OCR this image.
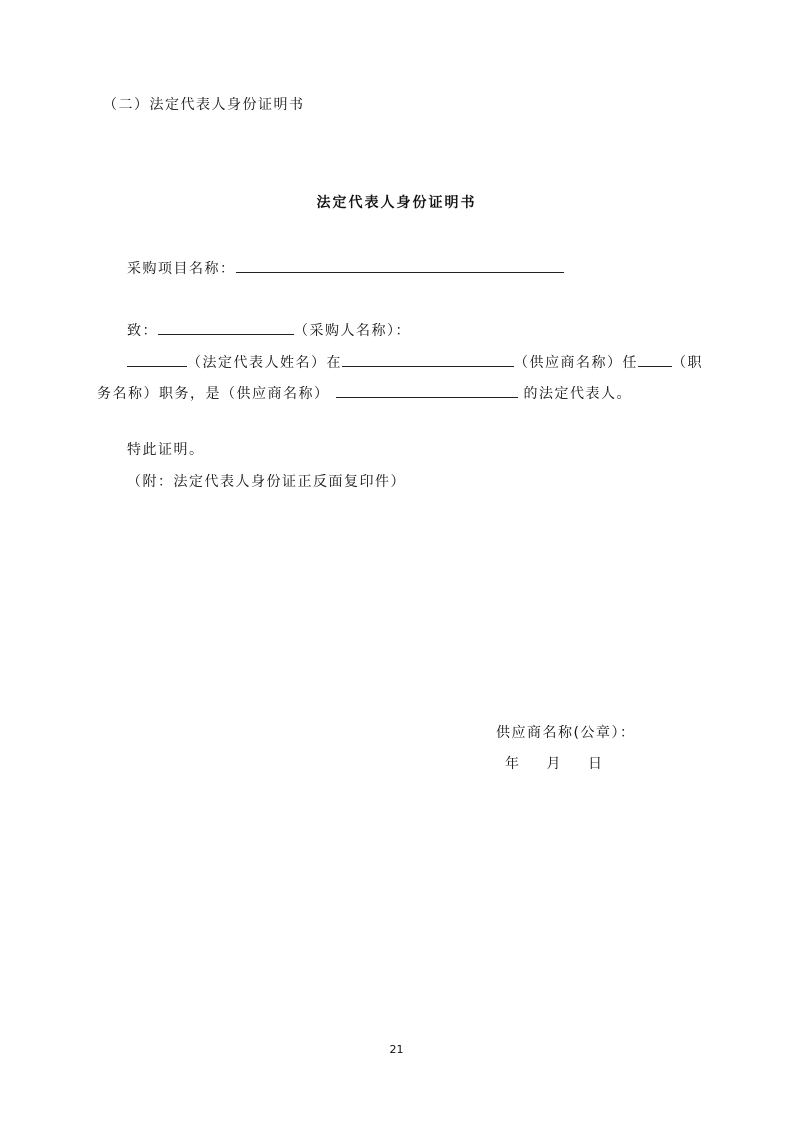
（二）法定代表人身份证明书
法定代表人身份证明书
采购项目名称：
致：	（采购人名称）：
（法定代表人姓名）在	（供应商名称）任 （职
务名称）职务，是（供应商名称）	的法定代表人。
特此证明。
（附：法定代表人身份证正反面复印件）
供应商名称(公章）：
年 月 日
21
